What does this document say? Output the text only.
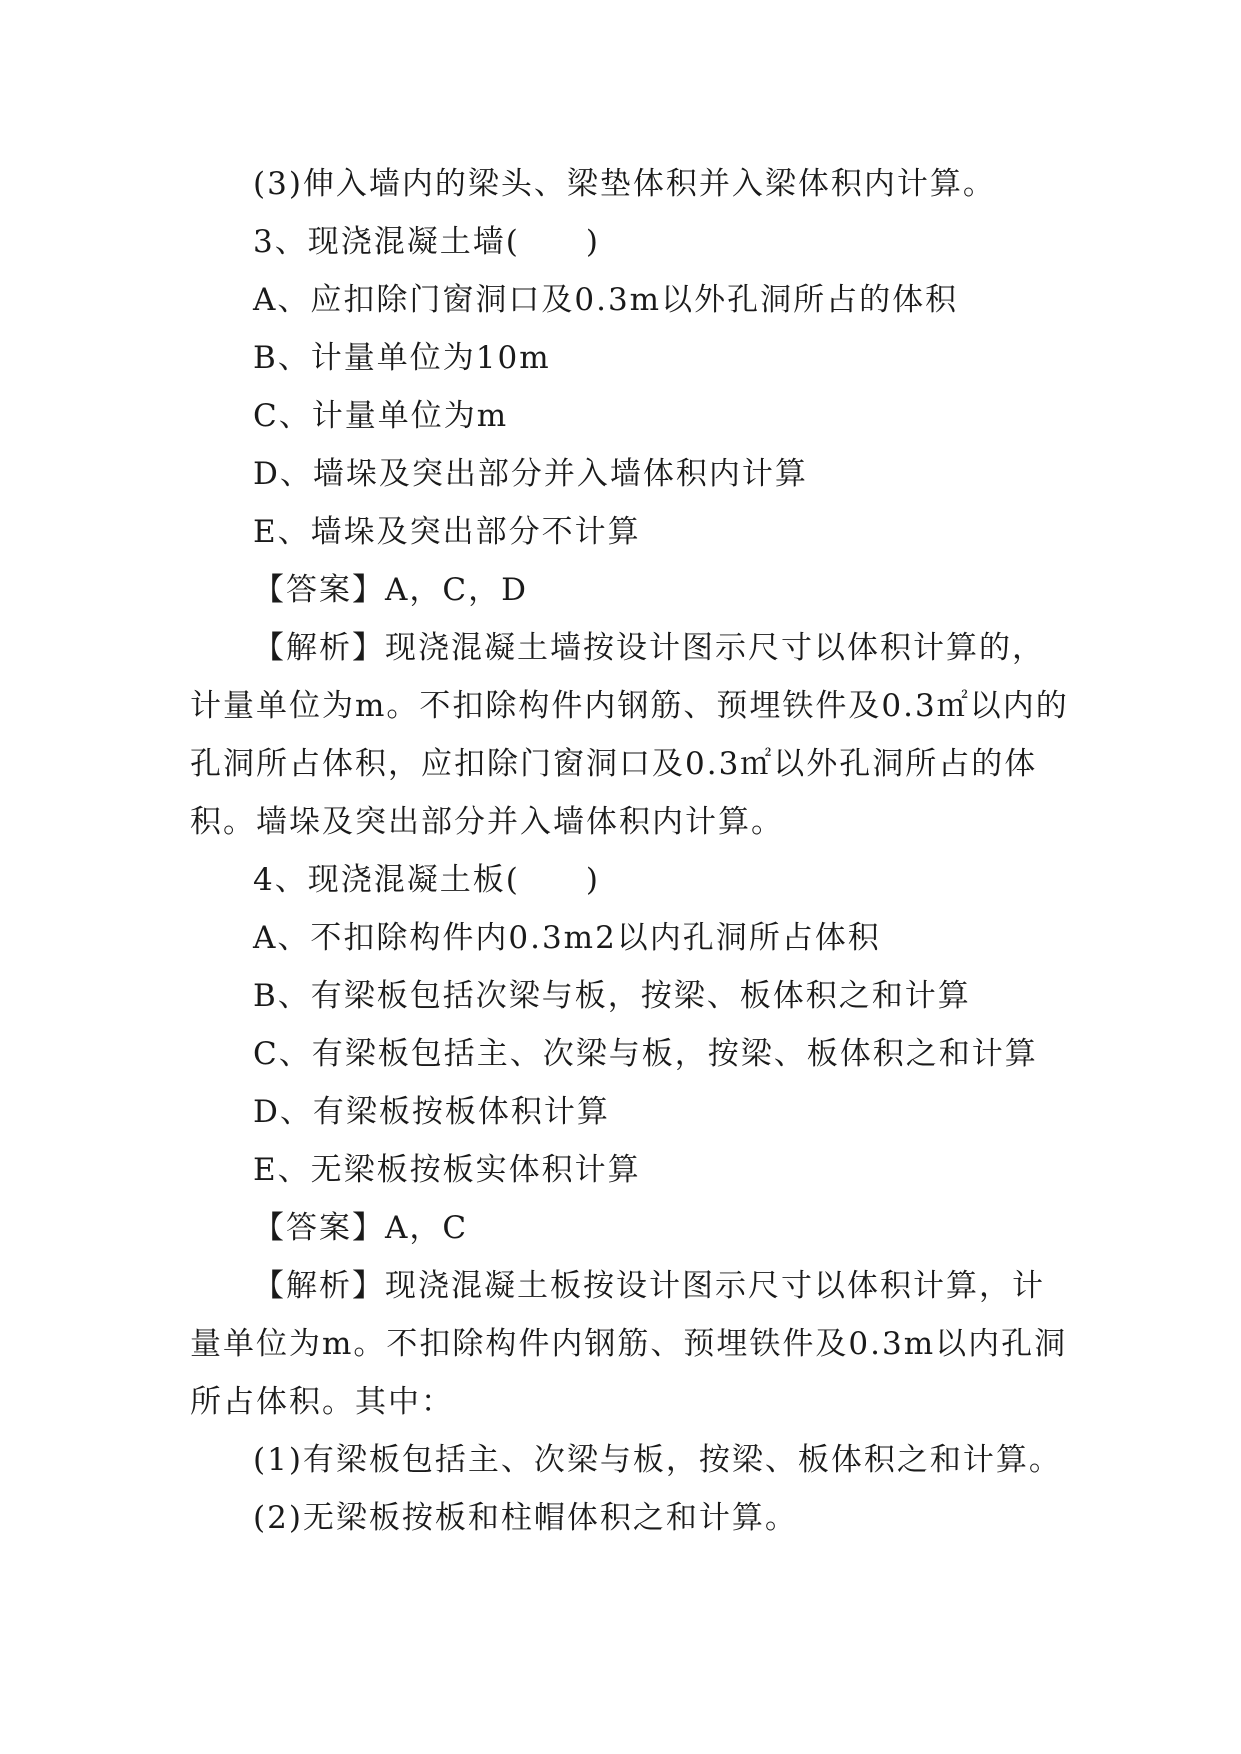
(3)伸入墙内的梁头、梁垫体积并入梁体积内计算。
3、现浇混凝土墙(　　)
A、应扣除门窗洞口及0.3m以外孔洞所占的体积
B、计量单位为10m
C、计量单位为m
D、墙垛及突出部分并入墙体积内计算
E、墙垛及突出部分不计算
【答案】A，C，D
【解析】现浇混凝土墙按设计图示尺寸以体积计算的，
计量单位为m。不扣除构件内钢筋、预埋铁件及0.3㎡以内的
孔洞所占体积，应扣除门窗洞口及0.3㎡以外孔洞所占的体
积。墙垛及突出部分并入墙体积内计算。
4、现浇混凝土板(　　)
A、不扣除构件内0.3m2以内孔洞所占体积
B、有梁板包括次梁与板，按梁、板体积之和计算
C、有梁板包括主、次梁与板，按梁、板体积之和计算
D、有梁板按板体积计算
E、无梁板按板实体积计算
【答案】A，C
【解析】现浇混凝土板按设计图示尺寸以体积计算，计
量单位为m。不扣除构件内钢筋、预埋铁件及0.3m以内孔洞
所占体积。其中：
(1)有梁板包括主、次梁与板，按梁、板体积之和计算。
(2)无梁板按板和柱帽体积之和计算。
